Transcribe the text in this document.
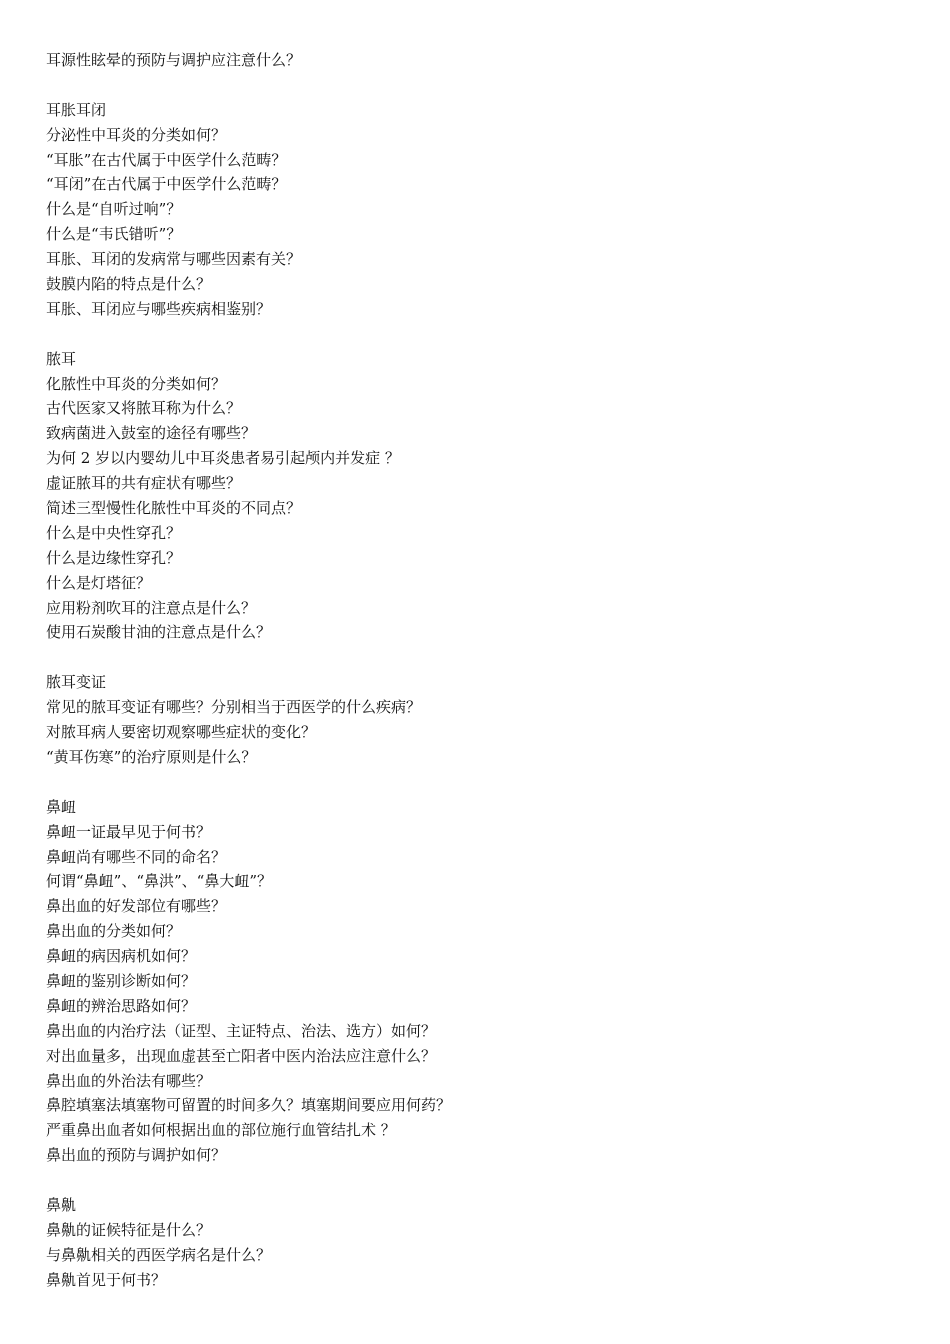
耳源性眩晕的预防与调护应注意什么？
耳胀耳闭
分泌性中耳炎的分类如何？
“耳胀”在古代属于中医学什么范畴？
“耳闭”在古代属于中医学什么范畴？
什么是“自听过响”？
什么是“韦氏错听”？
耳胀、耳闭的发病常与哪些因素有关？
鼓膜内陷的特点是什么？
耳胀、耳闭应与哪些疾病相鉴别？
脓耳
化脓性中耳炎的分类如何？
古代医家又将脓耳称为什么？
致病菌进入鼓室的途径有哪些？
为何 2 岁以内婴幼儿中耳炎患者易引起颅内并发症 ？
虚证脓耳的共有症状有哪些？
简述三型慢性化脓性中耳炎的不同点？
什么是中央性穿孔？
什么是边缘性穿孔？
什么是灯塔征？
应用粉剂吹耳的注意点是什么？
使用石炭酸甘油的注意点是什么？
脓耳变证
常见的脓耳变证有哪些？分别相当于西医学的什么疾病？
对脓耳病人要密切观察哪些症状的变化？
“黄耳伤寒”的治疗原则是什么？
鼻衄
鼻衄一证最早见于何书？
鼻衄尚有哪些不同的命名？
何谓“鼻衄”、“鼻洪”、“鼻大衄”？
鼻出血的好发部位有哪些？
鼻出血的分类如何？
鼻衄的病因病机如何？
鼻衄的鉴别诊断如何？
鼻衄的辨治思路如何？
鼻出血的内治疗法（证型、主证特点、治法、选方）如何？
对出血量多，出现血虚甚至亡阳者中医内治法应注意什么？
鼻出血的外治法有哪些？
鼻腔填塞法填塞物可留置的时间多久？填塞期间要应用何药？
严重鼻出血者如何根据出血的部位施行血管结扎术 ？
鼻出血的预防与调护如何？
鼻鼽
鼻鼽的证候特征是什么？
与鼻鼽相关的西医学病名是什么？
鼻鼽首见于何书？
